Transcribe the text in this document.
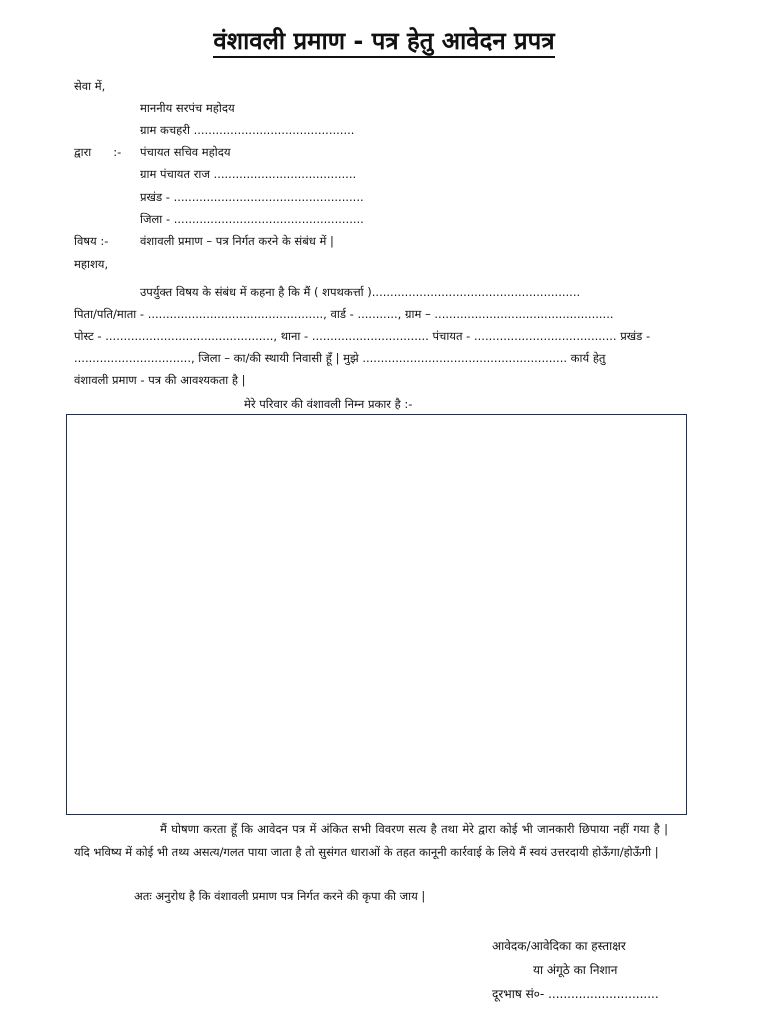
वंशावली प्रमाण - पत्र हेतु आवेदन प्रपत्र
सेवा में,
माननीय सरपंच महोदय
ग्राम कचहरी ............................................
द्वारा      :- पंचायत सचिव महोदय
ग्राम पंचायत राज .......................................
प्रखंड - ....................................................
जिला - ....................................................
विषय :-	वंशावली प्रमाण – पत्र निर्गत करने के संबंध में |
महाशय,
उपर्युक्त विषय के संबंध में कहना है कि मैं ( शपथकर्त्ता ).........................................................
पिता/पति/माता - ................................................, वार्ड - ..........., ग्राम – .................................................
पोस्ट - .............................................., थाना - ................................ पंचायत - ....................................... प्रखंड -
................................, जिला – का/की स्थायी निवासी हूँ | मुझे ........................................................ कार्य हेतु
वंशावली प्रमाण - पत्र की आवश्यकता है |
मेरे परिवार की वंशावली निम्न प्रकार है :-
मैं घोषणा करता हूँ कि आवेदन पत्र में अंकित सभी विवरण सत्य है तथा मेरे द्वारा कोई भी जानकारी छिपाया नहीं गया है | यदि भविष्य में कोई भी तथ्य असत्य/गलत पाया जाता है तो सुसंगत धाराओं के तहत कानूनी कार्रवाई के लिये मैं स्वयं उत्तरदायी होऊँगा/होऊँगी |
अतः अनुरोध है कि वंशावली प्रमाण पत्र निर्गत करने की कृपा की जाय |
आवेदक/आवेदिका का हस्ताक्षर
या अंगूठे का निशान
दूरभाष सं०- .............................
